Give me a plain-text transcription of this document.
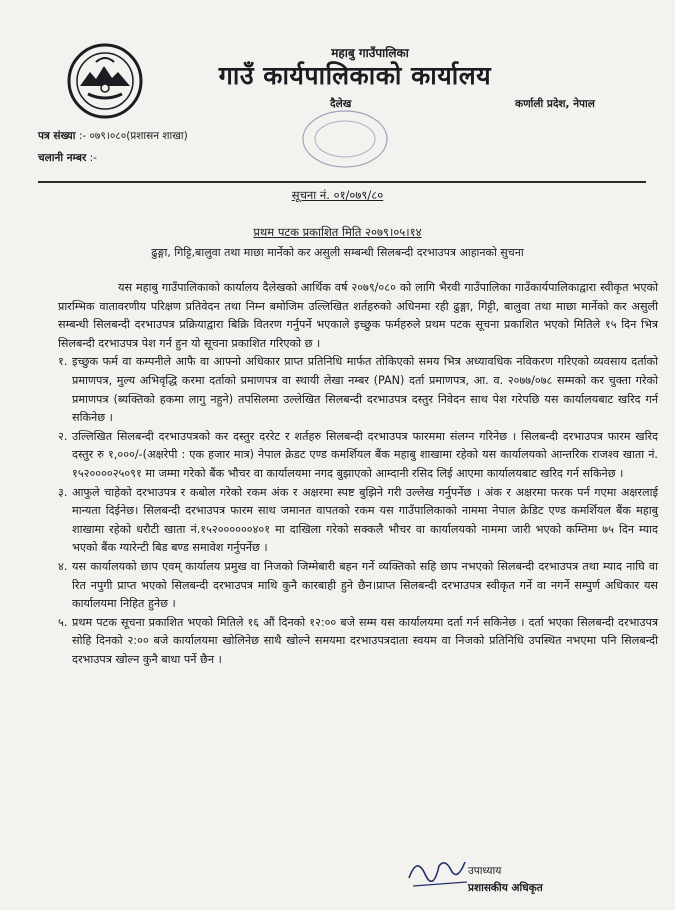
महाबु गाउँपालिका
गाउँ कार्यपालिकाको कार्यालय
दैलेख	कर्णाली प्रदेश, नेपाल
पत्र संख्या :- ०७९।०८०(प्रशासन शाखा)
चलानी नम्बर :-
सूचना नं. ०१/०७९/८०
प्रथम पटक प्रकाशित मिति २०७९।०५।१४
ढुङ्गा, गिट्टि,बालुवा तथा माछा मार्नेको कर असुली सम्बन्धी सिलबन्दी दरभाउपत्र आहानको सुचना

यस महाबु गाउँपालिकाको कार्यालय दैलेखको आर्थिक वर्ष २०७९/०८० को लागि भैरवी गाउँपालिका गाउँकार्यपालिकाद्वारा स्वीकृत भएको प्रारम्भिक वातावरणीय परिक्षण प्रतिवेदन तथा निम्न बमोजिम उल्लिखित शर्तहरुको अधिनमा रही ढुङ्गा, गिट्टी, बालुवा तथा माछा मार्नेको कर असुली सम्बन्धी सिलबन्दी दरभाउपत्र प्रक्रियाद्वारा बिक्रि वितरण गर्नुपर्ने भएकाले इच्छुक फर्महरुले प्रथम पटक सूचना प्रकाशित भएको मितिले १५ दिन भित्र सिलबन्दी दरभाउपत्र पेश गर्न हुन यो सूचना प्रकाशित गरिएको छ ।

१. इच्छुक फर्म वा कम्पनीले आफै वा आफ्नो अधिकार प्राप्त प्रतिनिधि मार्फत तोकिएको समय भित्र अध्यावधिक नविकरण गरिएको व्यवसाय दर्ताको प्रमाणपत्र, मुल्य अभिवृद्धि करमा दर्ताको प्रमाणपत्र वा स्थायी लेखा नम्बर (PAN) दर्ता प्रमाणपत्र, आ. व. २०७७/०७८ सम्मको कर चुक्ता गरेको प्रमाणपत्र (ब्यक्तिको हकमा लागु नहुने) तपसिलमा उल्लेखित सिलबन्दी दरभाउपत्र दस्तुर निवेदन साथ पेश गरेपछि यस कार्यालयबाट खरिद गर्न सकिनेछ ।
२. उल्लिखित सिलबन्दी दरभाउपत्रको कर दस्तुर दररेट र शर्तहरु सिलबन्दी दरभाउपत्र फारममा संलग्न गरिनेछ । सिलबन्दी दरभाउपत्र फारम खरिद दस्तुर रु १,०००/-(अक्षरेपी : एक हजार मात्र) नेपाल क्रेडट एण्ड कमर्शियल बैंक महाबु शाखामा रहेको यस कार्यालयको आन्तरिक राजश्व खाता नं. १५२००००२५०९१ मा जम्मा गरेको बैंक भौचर वा कार्यालयमा नगद बुझाएको आम्दानी रसिद लिई आएमा कार्यालयबाट खरिद गर्न सकिनेछ ।
३. आफुले चाहेको दरभाउपत्र र कबोल गरेको रकम अंक र अक्षरमा स्पष्ट बुझिने गरी उल्लेख गर्नुपर्नेछ । अंक र अक्षरमा फरक पर्न गएमा अक्षरलाई मान्यता दिईनेछ। सिलबन्दी दरभाउपत्र फारम साथ जमानत वापतको रकम यस गाउँपालिकाको नाममा नेपाल क्रेडिट एण्ड कमर्शियल बैंक महाबु शाखामा रहेको धरौटी खाता नं.१५२००००००४०१ मा दाखिला गरेको सक्कलै भौचर वा कार्यालयको नाममा जारी भएको कम्तिमा ७५ दिन म्याद भएको बैंक ग्यारेन्टी बिड बण्ड समावेश गर्नुपर्नेछ ।
४. यस कार्यालयको छाप एवम् कार्यालय प्रमुख वा निजको जिम्मेबारी बहन गर्ने व्यक्तिको सहि छाप नभएको सिलबन्दी दरभाउपत्र तथा म्याद नाघि वा रित नपुगी प्राप्त भएको सिलबन्दी दरभाउपत्र माथि कुनै कारबाही हुने छैन।प्राप्त सिलबन्दी दरभाउपत्र स्वीकृत गर्ने वा नगर्ने सम्पुर्ण अधिकार यस कार्यालयमा निहित हुनेछ ।
५. प्रथम पटक सूचना प्रकाशित भएको मितिले १६ औं दिनको १२:०० बजे सम्म यस कार्यालयमा दर्ता गर्न सकिनेछ । दर्ता भएका सिलबन्दी दरभाउपत्र सोहि दिनको २:०० बजे कार्यालयमा खोलिनेछ साथै खोल्ने समयमा दरभाउपत्रदाता स्वयम वा निजको प्रतिनिधि उपस्थित नभएमा पनि सिलबन्दी दरभाउपत्र खोल्न कुनै बाधा पर्ने छैन ।
उपाध्याय
प्रशासकीय अधिकृत
